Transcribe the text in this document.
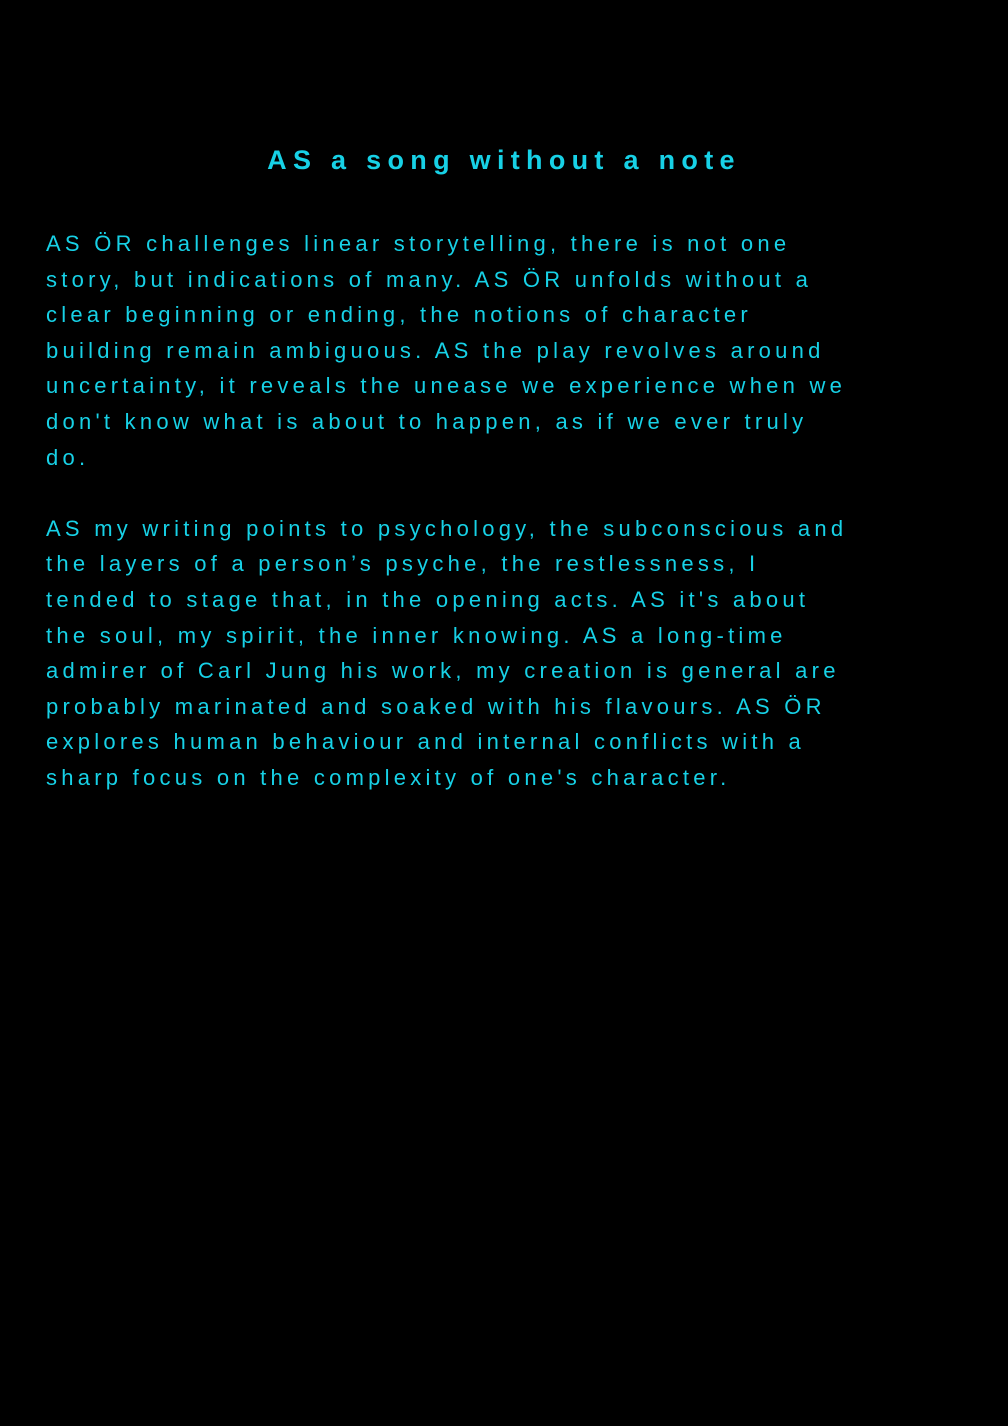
AS a song without a note

AS ÖR challenges linear storytelling, there is not one
story, but indications of many. AS ÖR unfolds without a
clear beginning or ending, the notions of character
building remain ambiguous. AS the play revolves around
uncertainty, it reveals the unease we experience when we
don't know what is about to happen, as if we ever truly
do.

AS my writing points to psychology, the subconscious and
the layers of a person’s psyche, the restlessness, I
tended to stage that, in the opening acts. AS it's about
the soul, my spirit, the inner knowing. AS a long-time
admirer of Carl Jung his work, my creation is general are
probably marinated and soaked with his flavours. AS ÖR
explores human behaviour and internal conflicts with a
sharp focus on the complexity of one's character.
